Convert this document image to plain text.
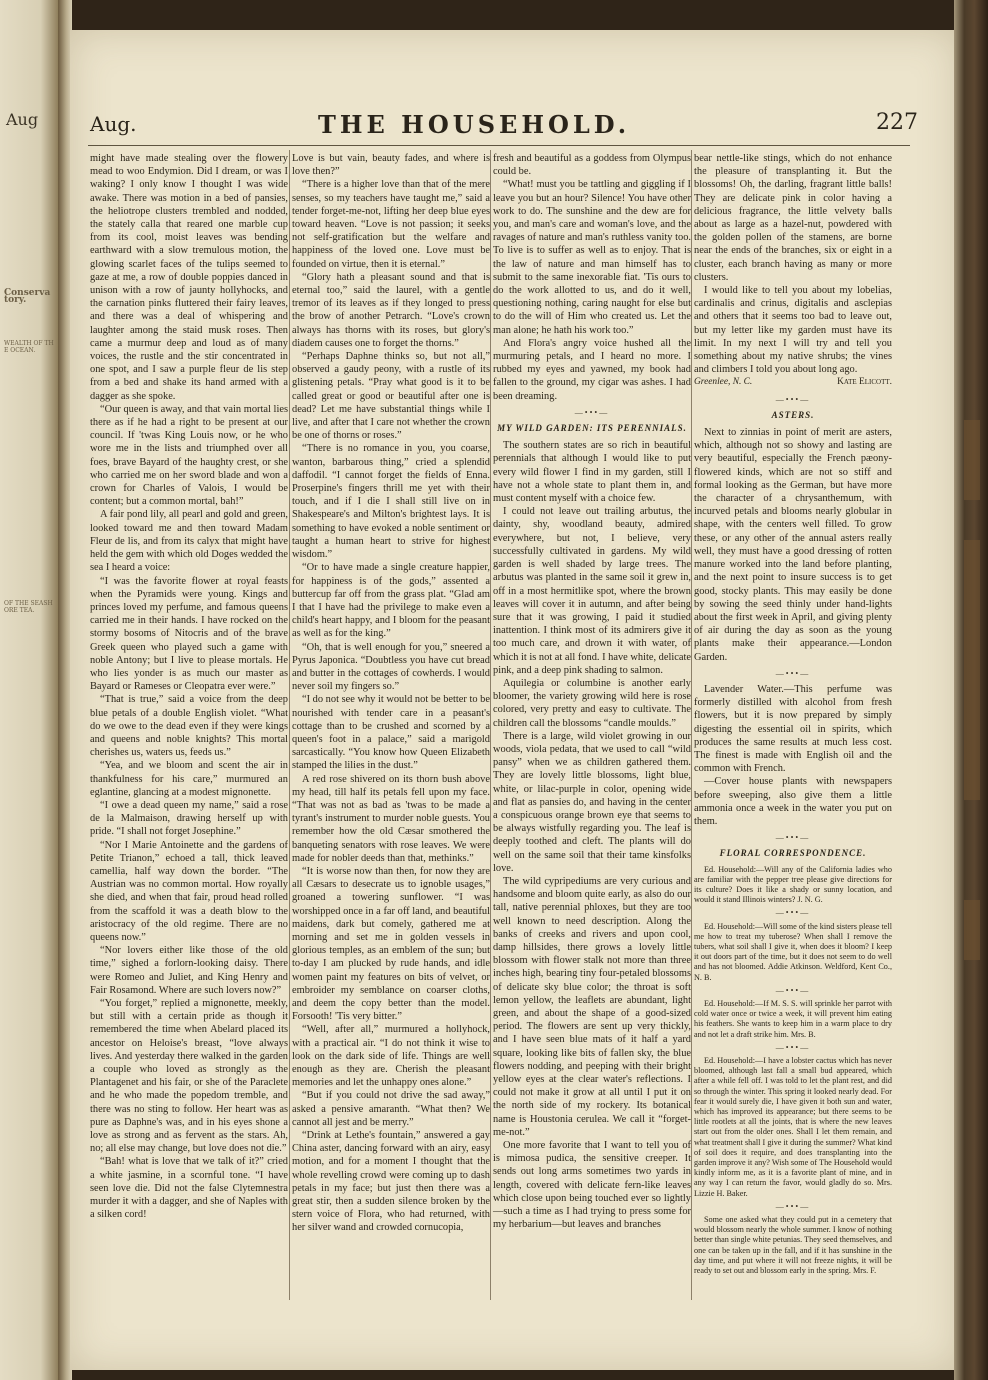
Aug
Conservatory.
WEALTH OF THE OCEAN.
OF THE SEASHORE TEA.
Aug.	THE HOUSEHOLD.	227

might have made stealing over the flowery mead to woo Endymion. Did I dream, or was I waking? I only know I thought I was wide awake. There was motion in a bed of pansies, the heliotrope clusters trembled and nodded, the stately calla that reared one marble cup from its cool, moist leaves was bending earthward with a slow tremulous motion, the glowing scarlet faces of the tulips seemed to gaze at me, a row of double poppies danced in unison with a row of jaunty hollyhocks, and the carnation pinks fluttered their fairy leaves, and there was a deal of whispering and laughter among the staid musk roses. Then came a murmur deep and loud as of many voices, the rustle and the stir concentrated in one spot, and I saw a purple fleur de lis step from a bed and shake its hand armed with a dagger as she spoke.

“Our queen is away, and that vain mortal lies there as if he had a right to be present at our council. If 'twas King Louis now, or he who wore me in the lists and triumphed over all foes, brave Bayard of the haughty crest, or she who carried me on her sword blade and won a crown for Charles of Valois, I would be content; but a common mortal, bah!”

A fair pond lily, all pearl and gold and green, looked toward me and then toward Madam Fleur de lis, and from its calyx that might have held the gem with which old Doges wedded the sea I heard a voice:

“I was the favorite flower at royal feasts when the Pyramids were young. Kings and princes loved my perfume, and famous queens carried me in their hands. I have rocked on the stormy bosoms of Nitocris and of the brave Greek queen who played such a game with noble Antony; but I live to please mortals. He who lies yonder is as much our master as Bayard or Rameses or Cleopatra ever were.”

“That is true,” said a voice from the deep blue petals of a double English violet. “What do we owe to the dead even if they were kings and queens and noble knights? This mortal cherishes us, waters us, feeds us.”

“Yea, and we bloom and scent the air in thankfulness for his care,” murmured an eglantine, glancing at a modest mignonette.

“I owe a dead queen my name,” said a rose de la Malmaison, drawing herself up with pride. “I shall not forget Josephine.”

“Nor I Marie Antoinette and the gardens of Petite Trianon,” echoed a tall, thick leaved camellia, half way down the border. “The Austrian was no common mortal. How royally she died, and when that fair, proud head rolled from the scaffold it was a death blow to the aristocracy of the old regime. There are no queens now.”

“Nor lovers either like those of the old time,” sighed a forlorn-looking daisy. There were Romeo and Juliet, and King Henry and Fair Rosamond. Where are such lovers now?”

“You forget,” replied a mignonette, meekly, but still with a certain pride as though it remembered the time when Abelard placed its ancestor on Heloise's breast, “love always lives. And yesterday there walked in the garden a couple who loved as strongly as the Plantagenet and his fair, or she of the Paraclete and he who made the popedom tremble, and there was no sting to follow. Her heart was as pure as Daphne's was, and in his eyes shone a love as strong and as fervent as the stars. Ah, no; all else may change, but love does not die.”

“Bah! what is love that we talk of it?” cried a white jasmine, in a scornful tone. “I have seen love die. Did not the false Clytemnestra murder it with a dagger, and she of Naples with a silken cord!

Love is but vain, beauty fades, and where is love then?”

“There is a higher love than that of the mere senses, so my teachers have taught me,” said a tender forget-me-not, lifting her deep blue eyes toward heaven. “Love is not passion; it seeks not self-gratification but the welfare and happiness of the loved one. Love must be founded on virtue, then it is eternal.”

“Glory hath a pleasant sound and that is eternal too,” said the laurel, with a gentle tremor of its leaves as if they longed to press the brow of another Petrarch. “Love's crown always has thorns with its roses, but glory's diadem causes one to forget the thorns.”

“Perhaps Daphne thinks so, but not all,” observed a gaudy peony, with a rustle of its glistening petals. “Pray what good is it to be called great or good or beautiful after one is dead? Let me have substantial things while I live, and after that I care not whether the crown be one of thorns or roses.”

“There is no romance in you, you coarse, wanton, barbarous thing,” cried a splendid daffodil. “I cannot forget the fields of Enna. Proserpine's fingers thrill me yet with their touch, and if I die I shall still live on in Shakespeare's and Milton's brightest lays. It is something to have evoked a noble sentiment or taught a human heart to strive for highest wisdom.”

“Or to have made a single creature happier, for happiness is of the gods,” assented a buttercup far off from the grass plat. “Glad am I that I have had the privilege to make even a child's heart happy, and I bloom for the peasant as well as for the king.”

“Oh, that is well enough for you,” sneered a Pyrus Japonica. “Doubtless you have cut bread and butter in the cottages of cowherds. I would never soil my fingers so.”

“I do not see why it would not be better to be nourished with tender care in a peasant's cottage than to be crushed and scorned by a queen's foot in a palace,” said a marigold sarcastically. “You know how Queen Elizabeth stamped the lilies in the dust.”

A red rose shivered on its thorn bush above my head, till half its petals fell upon my face. “That was not as bad as 'twas to be made a tyrant's instrument to murder noble guests. You remember how the old Cæsar smothered the banqueting senators with rose leaves. We were made for nobler deeds than that, methinks.”

“It is worse now than then, for now they are all Cæsars to desecrate us to ignoble usages,” groaned a towering sunflower. “I was worshipped once in a far off land, and beautiful maidens, dark but comely, gathered me at morning and set me in golden vessels in glorious temples, as an emblem of the sun; but to-day I am plucked by rude hands, and idle women paint my features on bits of velvet, or embroider my semblance on coarser cloths, and deem the copy better than the model. Forsooth! 'Tis very bitter.”

“Well, after all,” murmured a hollyhock, with a practical air. “I do not think it wise to look on the dark side of life. Things are well enough as they are. Cherish the pleasant memories and let the unhappy ones alone.”

“But if you could not drive the sad away,” asked a pensive amaranth. “What then? We cannot all jest and be merry.”

“Drink at Lethe's fountain,” answered a gay China aster, dancing forward with an airy, easy motion, and for a moment I thought that the whole revelling crowd were coming up to dash petals in my face; but just then there was a great stir, then a sudden silence broken by the stern voice of Flora, who had returned, with her silver wand and crowded cornucopia,

fresh and beautiful as a goddess from Olympus could be.

“What! must you be tattling and giggling if I leave you but an hour? Silence! You have other work to do. The sunshine and the dew are for you, and man's care and woman's love, and the ravages of nature and man's ruthless vanity too. To live is to suffer as well as to enjoy. That is the law of nature and man himself has to submit to the same inexorable fiat. 'Tis ours to do the work allotted to us, and do it well, questioning nothing, caring naught for else but to do the will of Him who created us. Let the man alone; he hath his work too.”

And Flora's angry voice hushed all the murmuring petals, and I heard no more. I rubbed my eyes and yawned, my book had fallen to the ground, my cigar was ashes. I had been dreaming.

—•••—
MY WILD GARDEN: ITS PERENNIALS.

The southern states are so rich in beautiful perennials that although I would like to put every wild flower I find in my garden, still I have not a whole state to plant them in, and must content myself with a choice few.

I could not leave out trailing arbutus, the dainty, shy, woodland beauty, admired everywhere, but not, I believe, very successfully cultivated in gardens. My wild garden is well shaded by large trees. The arbutus was planted in the same soil it grew in, off in a most hermitlike spot, where the brown leaves will cover it in autumn, and after being sure that it was growing, I paid it studied inattention. I think most of its admirers give it too much care, and drown it with water, of which it is not at all fond. I have white, delicate pink, and a deep pink shading to salmon.

Aquilegia or columbine is another early bloomer, the variety growing wild here is rose colored, very pretty and easy to cultivate. The children call the blossoms “candle moulds.”

There is a large, wild violet growing in our woods, viola pedata, that we used to call “wild pansy” when we as children gathered them. They are lovely little blossoms, light blue, white, or lilac-purple in color, opening wide and flat as pansies do, and having in the center a conspicuous orange brown eye that seems to be always wistfully regarding you. The leaf is deeply toothed and cleft. The plants will do well on the same soil that their tame kinsfolks love.

The wild cypripediums are very curious and handsome and bloom quite early, as also do our tall, native perennial phloxes, but they are too well known to need description. Along the banks of creeks and rivers and upon cool, damp hillsides, there grows a lovely little blossom with flower stalk not more than three inches high, bearing tiny four-petaled blossoms of delicate sky blue color; the throat is soft lemon yellow, the leaflets are abundant, light green, and about the shape of a good-sized period. The flowers are sent up very thickly, and I have seen blue mats of it half a yard square, looking like bits of fallen sky, the blue flowers nodding, and peeping with their bright yellow eyes at the clear water's reflections. I could not make it grow at all until I put it on the north side of my rockery. Its botanical name is Houstonia cerulea. We call it “forget-me-not.”

One more favorite that I want to tell you of is mimosa pudica, the sensitive creeper. It sends out long arms sometimes two yards in length, covered with delicate fern-like leaves which close upon being touched ever so lightly—such a time as I had trying to press some for my herbarium—but leaves and branches

bear nettle-like stings, which do not enhance the pleasure of transplanting it. But the blossoms! Oh, the darling, fragrant little balls! They are delicate pink in color having a delicious fragrance, the little velvety balls about as large as a hazel-nut, powdered with the golden pollen of the stamens, are borne near the ends of the branches, six or eight in a cluster, each branch having as many or more clusters.

I would like to tell you about my lobelias, cardinalis and crinus, digitalis and asclepias and others that it seems too bad to leave out, but my letter like my garden must have its limit. In my next I will try and tell you something about my native shrubs; the vines and climbers I told you about long ago.

Greenlee, N. C.	Kate Elicott.
—•••—
ASTERS.

Next to zinnias in point of merit are asters, which, although not so showy and lasting are very beautiful, especially the French pæony-flowered kinds, which are not so stiff and formal looking as the German, but have more the character of a chrysanthemum, with incurved petals and blooms nearly globular in shape, with the centers well filled. To grow these, or any other of the annual asters really well, they must have a good dressing of rotten manure worked into the land before planting, and the next point to insure success is to get good, stocky plants. This may easily be done by sowing the seed thinly under hand-lights about the first week in April, and giving plenty of air during the day as soon as the young plants make their appearance.—London Garden.

—•••—

Lavender Water.—This perfume was formerly distilled with alcohol from fresh flowers, but it is now prepared by simply digesting the essential oil in spirits, which produces the same results at much less cost. The finest is made with English oil and the common with French.

—Cover house plants with newspapers before sweeping, also give them a little ammonia once a week in the water you put on them.

—•••—
FLORAL CORRESPONDENCE.

Ed. Household:—Will any of the California ladies who are familiar with the pepper tree please give directions for its culture? Does it like a shady or sunny location, and would it stand Illinois winters? J. N. G.

—•••—

Ed. Household:—Will some of the kind sisters please tell me how to treat my tuberose? When shall I remove the tubers, what soil shall I give it, when does it bloom? I keep it out doors part of the time, but it does not seem to do well and has not bloomed. Addie Atkinson. Weldford, Kent Co., N. B.

—•••—

Ed. Household:—If M. S. S. will sprinkle her parrot with cold water once or twice a week, it will prevent him eating his feathers. She wants to keep him in a warm place to dry and not let a draft strike him. Mrs. B.

—•••—

Ed. Household:—I have a lobster cactus which has never bloomed, although last fall a small bud appeared, which after a while fell off. I was told to let the plant rest, and did so through the winter. This spring it looked nearly dead. For fear it would surely die, I have given it both sun and water, which has improved its appearance; but there seems to be little rootlets at all the joints, that is where the new leaves start out from the older ones. Shall I let them remain, and what treatment shall I give it during the summer? What kind of soil does it require, and does transplanting into the garden improve it any? Wish some of The Household would kindly inform me, as it is a favorite plant of mine, and in any way I can return the favor, would gladly do so. Mrs. Lizzie H. Baker.

—•••—

Some one asked what they could put in a cemetery that would blossom nearly the whole summer. I know of nothing better than single white petunias. They seed themselves, and one can be taken up in the fall, and if it has sunshine in the day time, and put where it will not freeze nights, it will be ready to set out and blossom early in the spring. Mrs. F.
